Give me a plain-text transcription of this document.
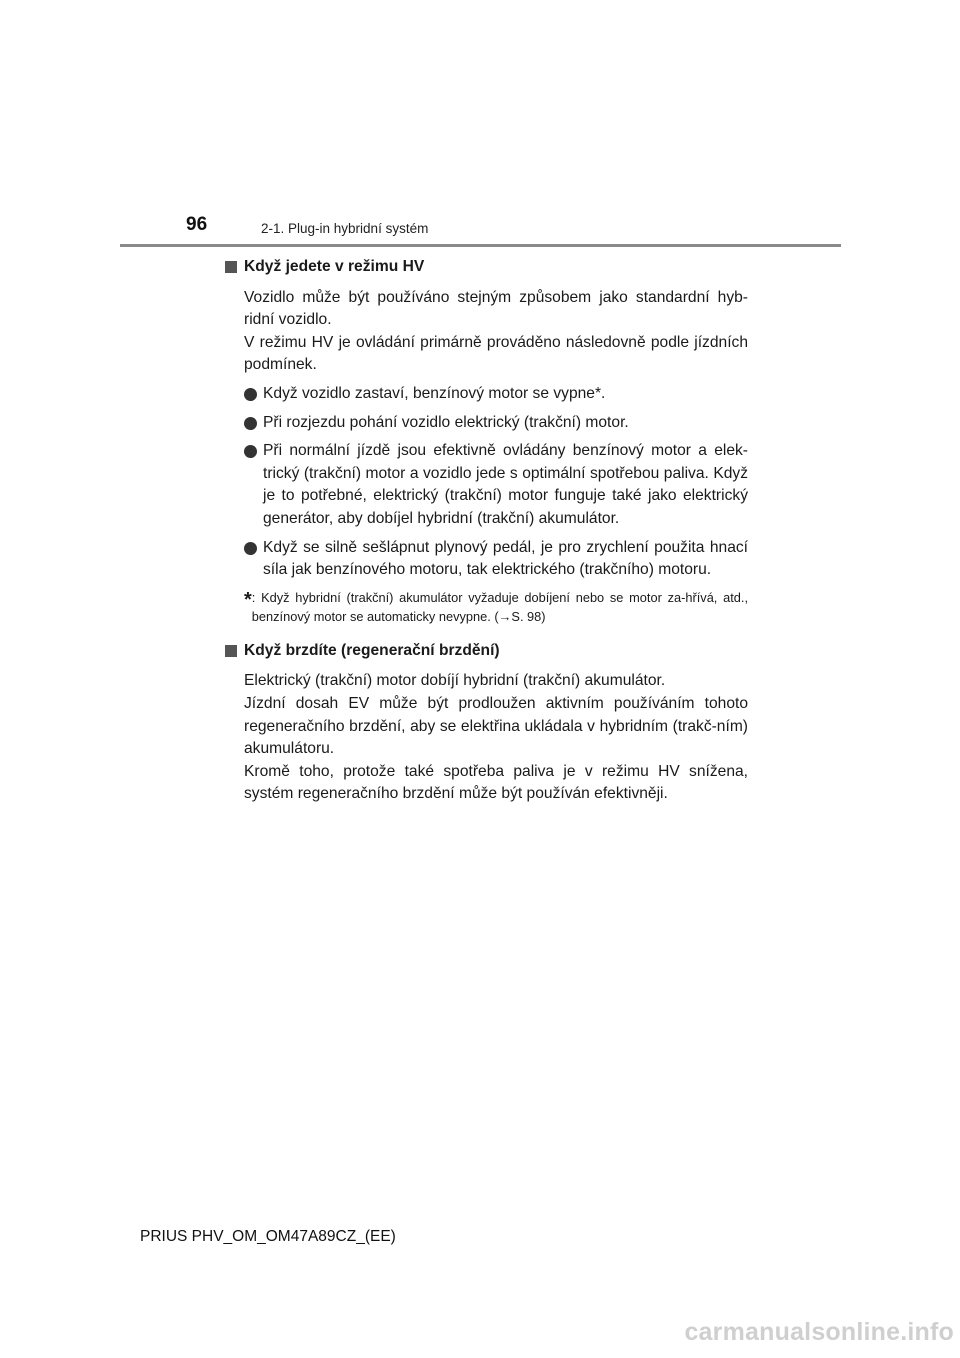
96	2-1. Plug-in hybridní systém
Když jedete v režimu HV

Vozidlo může být používáno stejným způsobem jako standardní hyb-ridní vozidlo.

V režimu HV je ovládání primárně prováděno následovně podle jízdních podmínek.

Když vozidlo zastaví, benzínový motor se vypne*.
Při rozjezdu pohání vozidlo elektrický (trakční) motor.
Při normální jízdě jsou efektivně ovládány benzínový motor a elek-trický (trakční) motor a vozidlo jede s optimální spotřebou paliva. Když je to potřebné, elektrický (trakční) motor funguje také jako elektrický generátor, aby dobíjel hybridní (trakční) akumulátor.
Když se silně sešlápnut plynový pedál, je pro zrychlení použita hnací síla jak benzínového motoru, tak elektrického (trakčního) motoru.
* : Když hybridní (trakční) akumulátor vyžaduje dobíjení nebo se motor za-hřívá, atd., benzínový motor se automaticky nevypne. (→S. 98)
Když brzdíte (regenerační brzdění)

Elektrický (trakční) motor dobíjí hybridní (trakční) akumulátor.

Jízdní dosah EV může být prodloužen aktivním používáním tohoto regeneračního brzdění, aby se elektřina ukládala v hybridním (trakč-ním) akumulátoru.

Kromě toho, protože také spotřeba paliva je v režimu HV snížena, systém regeneračního brzdění může být používán efektivněji.

PRIUS PHV_OM_OM47A89CZ_(EE)
carmanualsonline.info
